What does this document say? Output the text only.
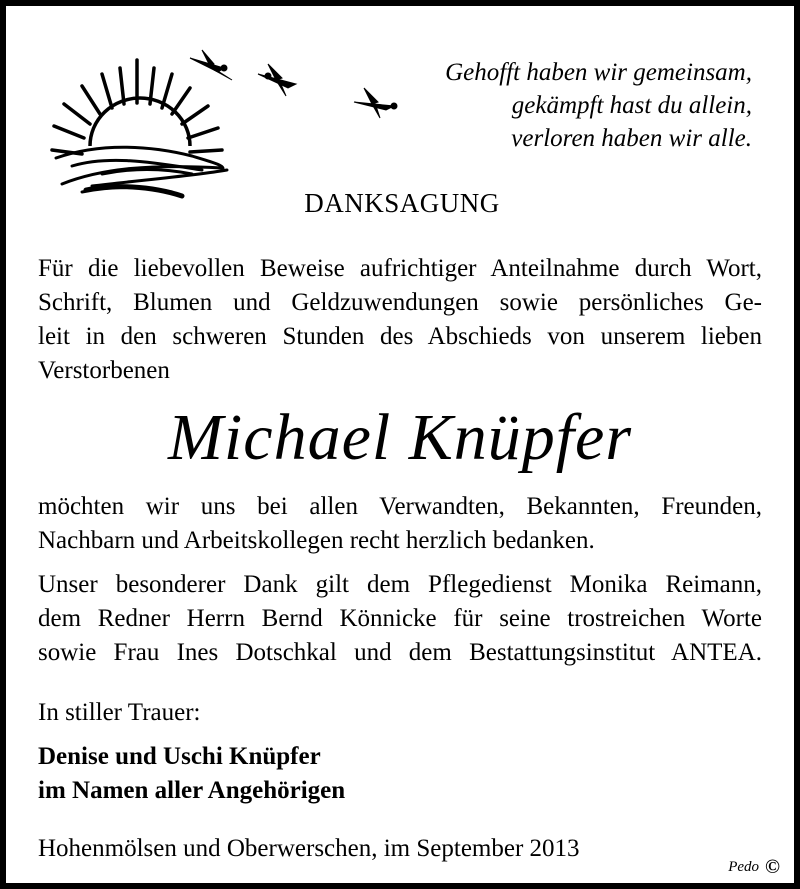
Gehofft haben wir gemeinsam,
gekämpft hast du allein,
verloren haben wir alle.
DANKSAGUNG
Für die liebevollen Beweise aufrichtiger Anteilnahme durch Wort,
Schrift, Blumen und Geldzuwendungen sowie persönliches Ge-
leit in den schweren Stunden des Abschieds von unserem lieben
Verstorbenen
Michael Knüpfer
möchten wir uns bei allen Verwandten, Bekannten, Freunden,
Nachbarn und Arbeitskollegen recht herzlich bedanken.
Unser besonderer Dank gilt dem Pflegedienst Monika Reimann,
dem Redner Herrn Bernd Könnicke für seine trostreichen Worte
sowie Frau Ines Dotschkal und dem Bestattungsinstitut ANTEA.
In stiller Trauer:
Denise und Uschi Knüpfer
im Namen aller Angehörigen
Hohenmölsen und Oberwerschen, im September 2013
Pedo ©
